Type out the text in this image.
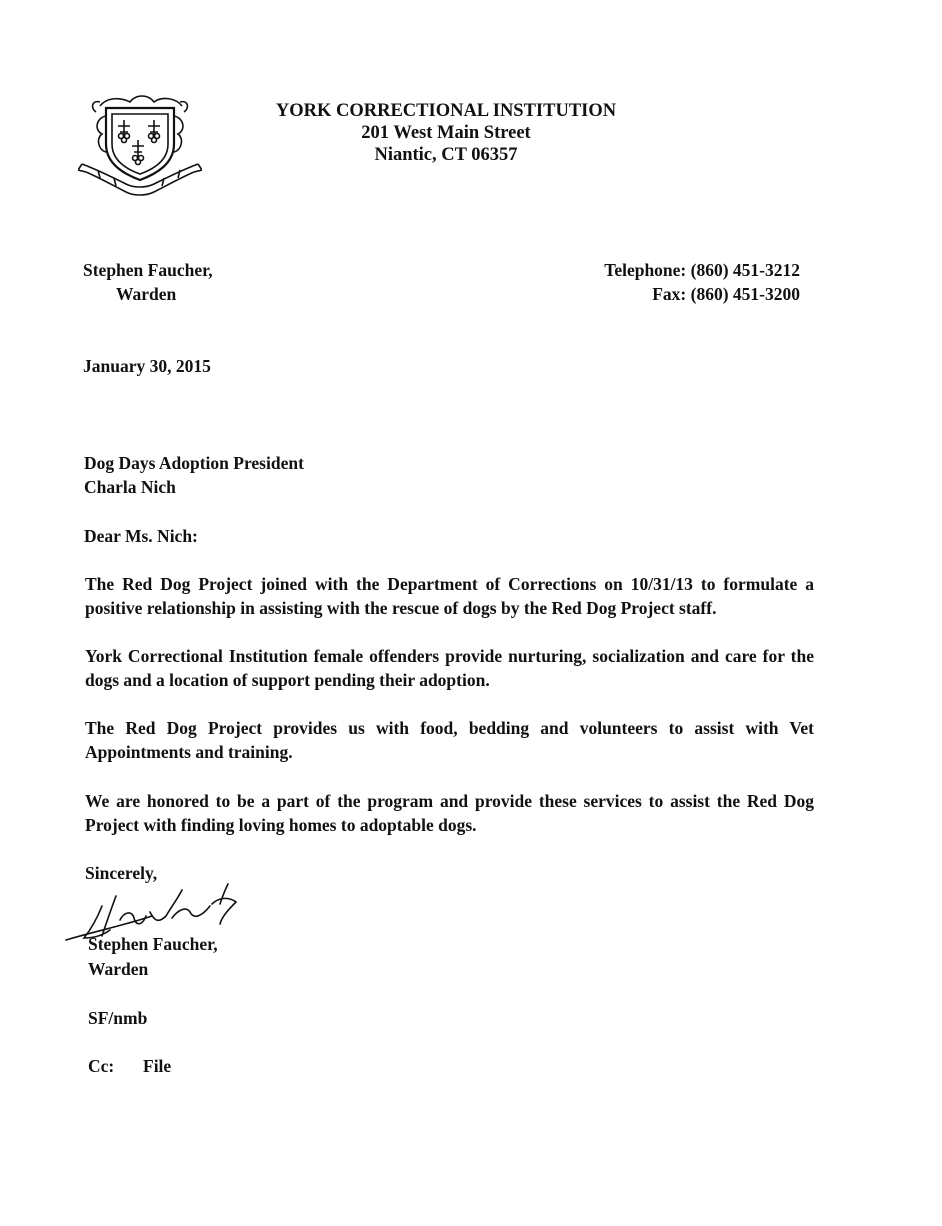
YORK CORRECTIONAL INSTITUTION
201 West Main Street
Niantic, CT 06357
Stephen Faucher,
Warden
Telephone: (860) 451-3212
Fax: (860) 451-3200
January 30, 2015
Dog Days Adoption President
Charla Nich
Dear Ms. Nich:
The Red Dog Project joined with the Department of Corrections on 10/31/13 to formulate a positive relationship in assisting with the rescue of dogs by the Red Dog Project staff.
York Correctional Institution female offenders provide nurturing, socialization and care for the dogs and a location of support pending their adoption.
The Red Dog Project provides us with food, bedding and volunteers to assist with Vet Appointments and training.
We are honored to be a part of the program and provide these services to assist the Red Dog Project with finding loving homes to adoptable dogs.
Sincerely,
Stephen Faucher,
Warden
SF/nmb
Cc: File
